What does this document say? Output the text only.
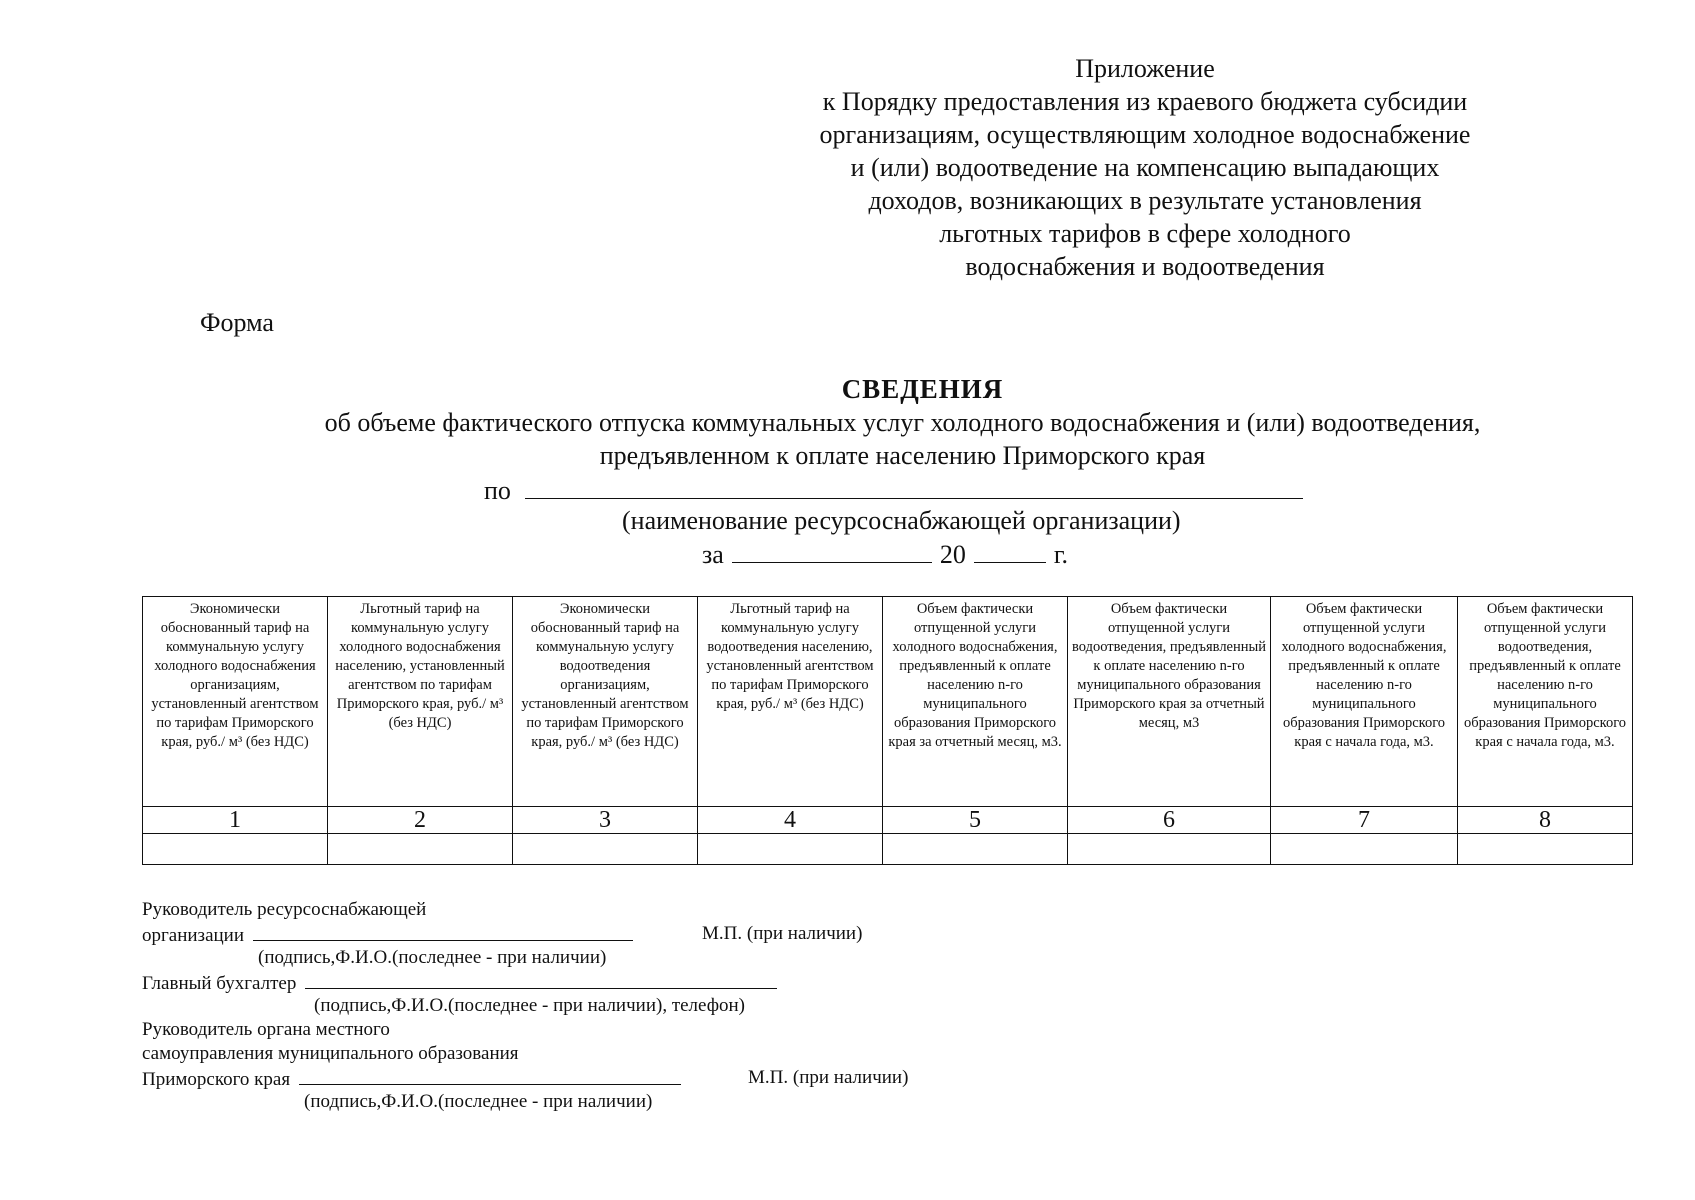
Приложение
к Порядку предоставления из краевого бюджета субсидии
организациям, осуществляющим холодное водоснабжение
и (или) водоотведение на компенсацию выпадающих
доходов, возникающих в результате установления
льготных тарифов в сфере холодного
водоснабжения и водоотведения
Форма
СВЕДЕНИЯ
об объеме фактического отпуска коммунальных услуг холодного водоснабжения и (или) водоотведения,
предъявленном к оплате населению Приморского края
по
(наименование ресурсоснабжающей организации)
за	20	г.
Экономически обоснованный тариф на коммунальную услугу холодного водоснабжения организациям, установленный агентством по тарифам Приморского края, руб./ м³ (без НДС)	Льготный тариф на коммунальную услугу холодного водоснабжения населению, установленный агентством по тарифам Приморского края, руб./ м³ (без НДС)	Экономически обоснованный тариф на коммунальную услугу водоотведения организациям, установленный агентством по тарифам Приморского края, руб./ м³ (без НДС)	Льготный тариф на коммунальную услугу водоотведения населению, установленный агентством по тарифам Приморского края, руб./ м³ (без НДС)	Объем фактически отпущенной услуги холодного водоснабжения, предъявленный к оплате населению n-го муниципального образования Приморского края за отчетный месяц, м3.	Объем фактически отпущенной услуги водоотведения, предъявленный к оплате населению n-го муниципального образования Приморского края за отчетный месяц, м3	Объем фактически отпущенной услуги холодного водоснабжения, предъявленный к оплате населению n-го муниципального образования Приморского края с начала года, м3.	Объем фактически отпущенной услуги водоотведения, предъявленный к оплате населению n-го муниципального образования Приморского края с начала года, м3.
1	2	3	4	5	6	7	8

Руководитель ресурсоснабжающей
организации	М.П. (при наличии)
(подпись,Ф.И.О.(последнее - при наличии)
Главный бухгалтер
(подпись,Ф.И.О.(последнее - при наличии), телефон)
Руководитель органа местного
самоуправления муниципального образования
Приморского края	М.П. (при наличии)
(подпись,Ф.И.О.(последнее - при наличии)
